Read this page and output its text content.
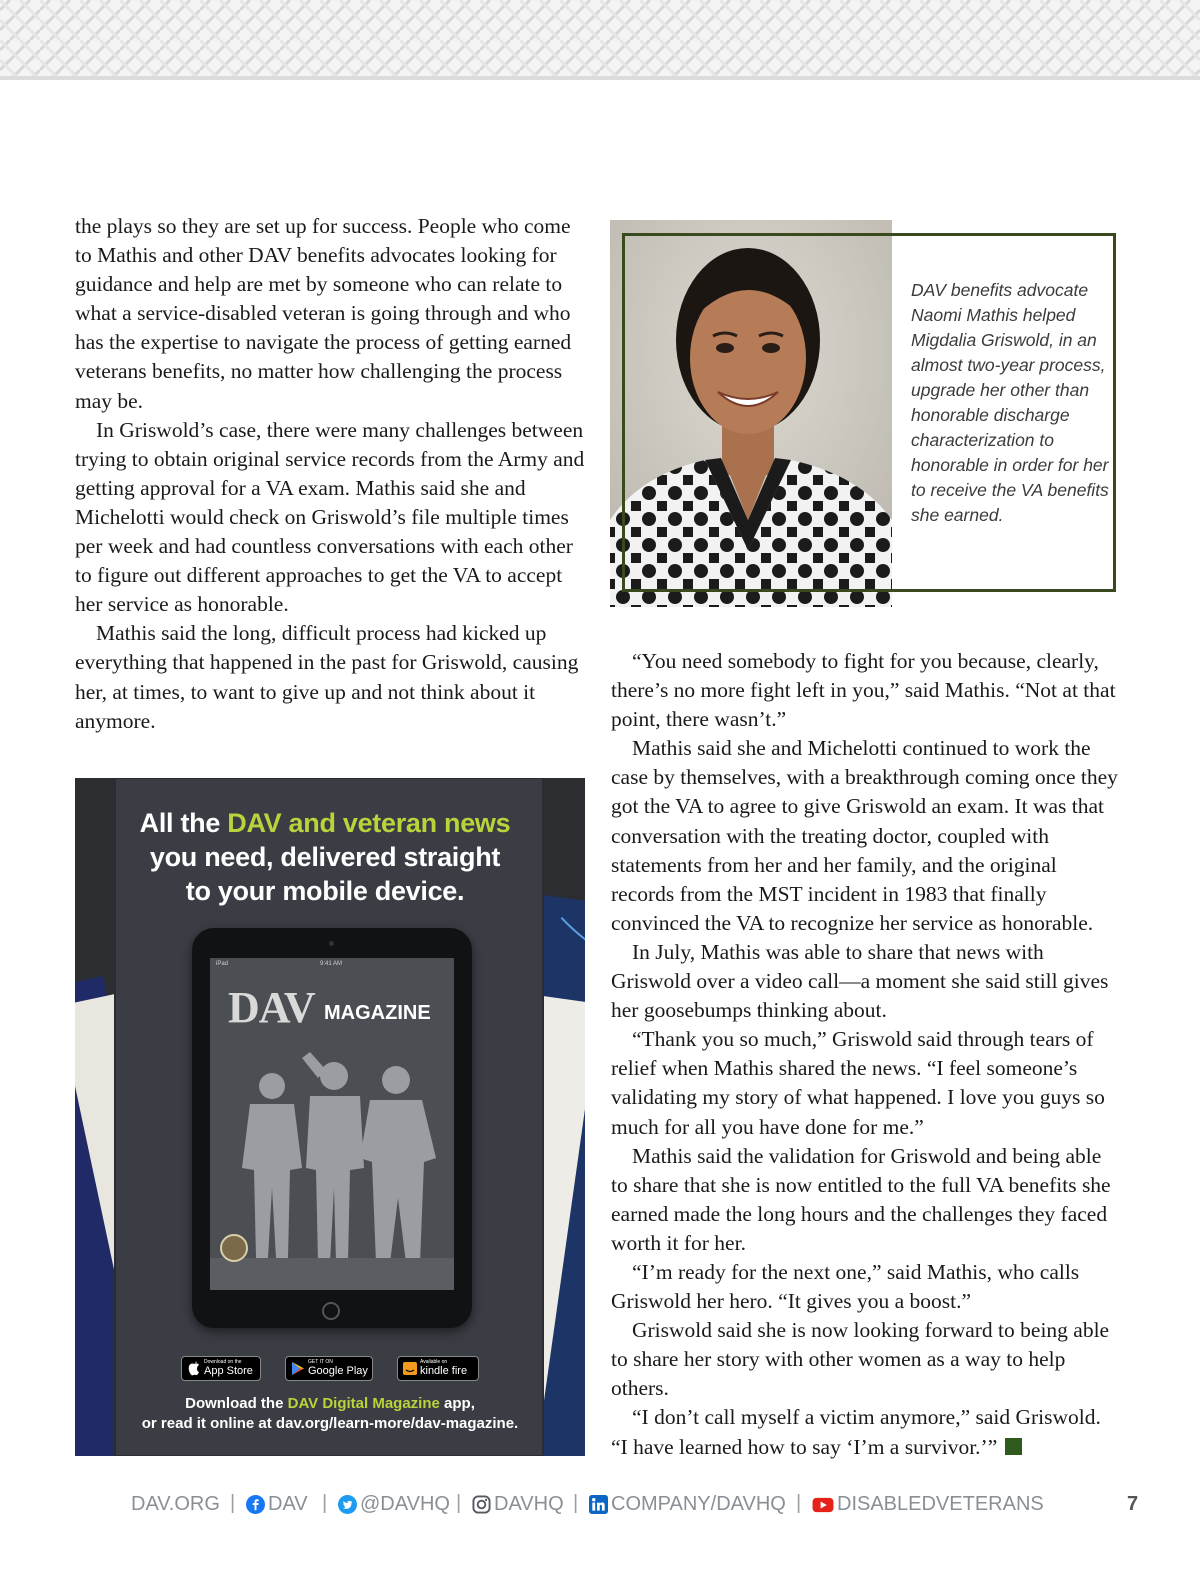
the plays so they are set up for success. People who come to Mathis and other DAV benefits advocates looking for guidance and help are met by someone who can relate to what a service-disabled veteran is going through and who has the expertise to navigate the process of getting earned veterans benefits, no matter how challenging the process may be.

In Griswold’s case, there were many challenges between trying to obtain original service records from the Army and getting approval for a VA exam. Mathis said she and Michelotti would check on Griswold’s file multiple times per week and had countless conversations with each other to figure out different approaches to get the VA to accept her service as honorable.

Mathis said the long, difficult process had kicked up everything that happened in the past for Griswold, causing her, at times, to want to give up and not think about it anymore.

DAV benefits advocate Naomi Mathis helped Migdalia Griswold, in an almost two-year process, upgrade her other than honorable discharge characterization to honorable in order for her to receive the VA benefits she earned.
All the DAV and veteran news
you need, delivered straight to your mobile device.
iPad	9:41 AM
DAV MAGAZINE
Download on the
App Store
GET IT ON
Google Play
Available on
kindle fire
Download the DAV Digital Magazine app,
or read it online at dav.org/learn-more/dav-magazine.

“You need somebody to fight for you because, clearly, there’s no more fight left in you,” said Mathis. “Not at that point, there wasn’t.”

Mathis said she and Michelotti continued to work the case by themselves, with a breakthrough coming once they got the VA to agree to give Griswold an exam. It was that conversation with the treating doctor, coupled with statements from her and her family, and the original records from the MST incident in 1983 that finally convinced the VA to recognize her service as honorable.

In July, Mathis was able to share that news with Griswold over a video call—a moment she said still gives her goosebumps thinking about.

“Thank you so much,” Griswold said through tears of relief when Mathis shared the news. “I feel someone’s validating my story of what happened. I love you guys so much for all you have done for me.”

Mathis said the validation for Griswold and being able to share that she is now entitled to the full VA benefits she earned made the long hours and the challenges they faced worth it for her.

“I’m ready for the next one,” said Mathis, who calls Griswold her hero. “It gives you a boost.”

Griswold said she is now looking forward to being able to share her story with other women as a way to help others.

“I don’t call myself a victim anymore,” said Griswold. “I have learned how to say ‘I’m a survivor.’”

DAV.ORG | DAV | @DAVHQ | DAVHQ | COMPANY/DAVHQ | DISABLEDVETERANS	7
